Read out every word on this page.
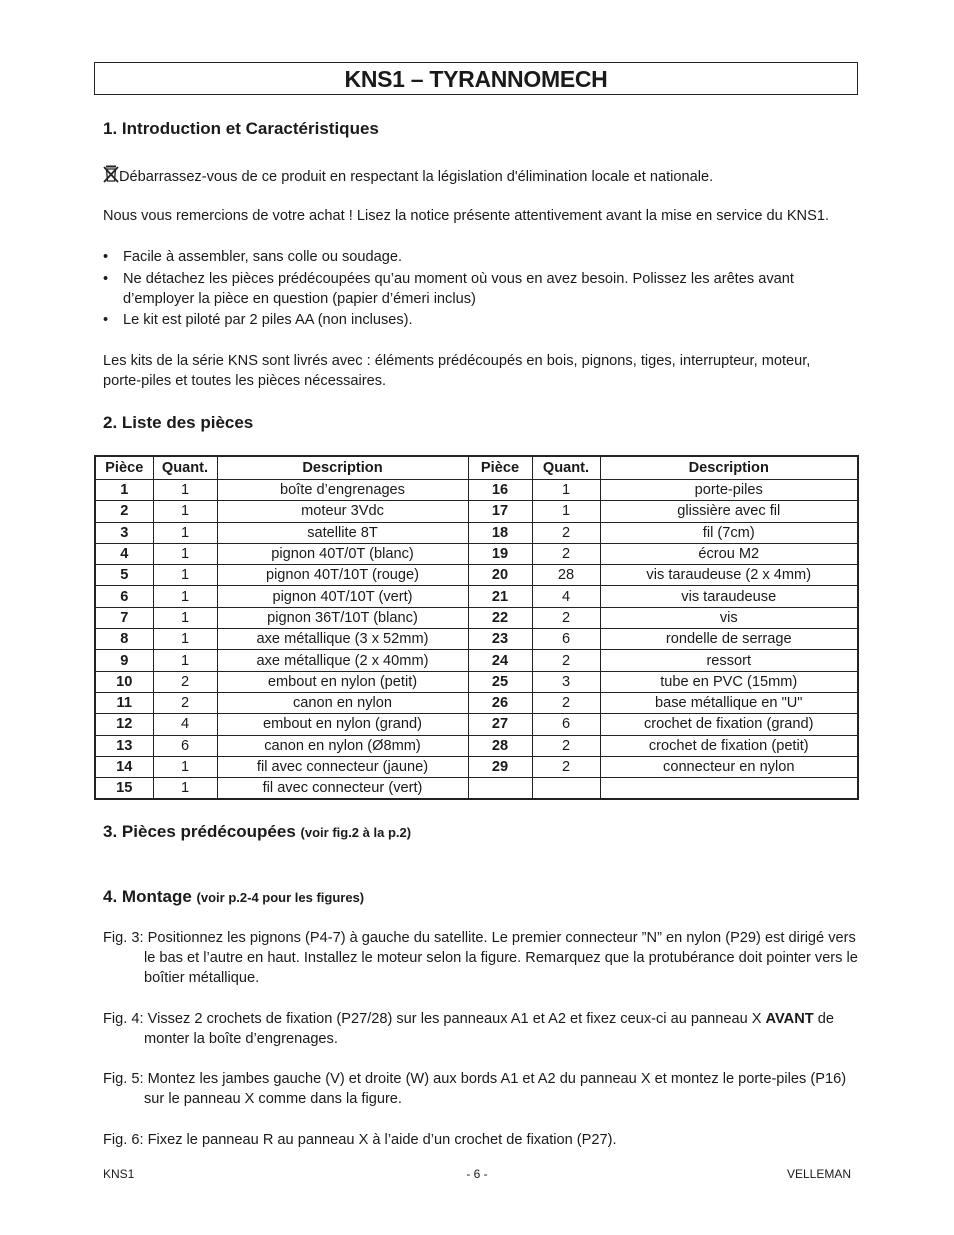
KNS1 – TYRANNOMECH
1. Introduction et Caractéristiques
Débarrassez-vous de ce produit en respectant la législation d'élimination locale et nationale.
Nous vous remercions de votre achat ! Lisez la notice présente attentivement avant la mise en service du KNS1.
• Facile à assembler, sans colle ou soudage.
• Ne détachez les pièces prédécoupées qu’au moment où vous en avez besoin. Polissez les arêtes avant d’employer la pièce en question (papier d’émeri inclus)
• Le kit est piloté par 2 piles AA (non incluses).
Les kits de la série KNS sont livrés avec : éléments prédécoupés en bois, pignons, tiges, interrupteur, moteur, porte-piles et toutes les pièces nécessaires.
2. Liste des pièces
Pièce	Quant.	Description	Pièce	Quant.	Description
1	1	boîte d’engrenages	16	1	porte-piles
2	1	moteur 3Vdc	17	1	glissière avec fil
3	1	satellite 8T	18	2	fil (7cm)
4	1	pignon 40T/0T (blanc)	19	2	écrou M2
5	1	pignon 40T/10T (rouge)	20	28	vis taraudeuse (2 x 4mm)
6	1	pignon 40T/10T (vert)	21	4	vis taraudeuse
7	1	pignon 36T/10T (blanc)	22	2	vis
8	1	axe métallique (3 x 52mm)	23	6	rondelle de serrage
9	1	axe métallique (2 x 40mm)	24	2	ressort
10	2	embout en nylon (petit)	25	3	tube en PVC (15mm)
11	2	canon en nylon	26	2	base métallique en "U"
12	4	embout en nylon (grand)	27	6	crochet de fixation (grand)
13	6	canon en nylon (Ø8mm)	28	2	crochet de fixation (petit)
14	1	fil avec connecteur (jaune)	29	2	connecteur en nylon
15	1	fil avec connecteur (vert)			
3. Pièces prédécoupées (voir fig.2 à la p.2)
4. Montage (voir p.2-4 pour les figures)
Fig. 3: Positionnez les pignons (P4-7) à gauche du satellite. Le premier connecteur ”N” en nylon (P29) est dirigé vers
le bas et l’autre en haut. Installez le moteur selon la figure. Remarquez que la protubérance doit pointer vers le boîtier métallique.
Fig. 4: Vissez 2 crochets de fixation (P27/28) sur les panneaux A1 et A2 et fixez ceux-ci au panneau X AVANT de
monter la boîte d’engrenages.
Fig. 5: Montez les jambes gauche (V) et droite (W) aux bords A1 et A2 du panneau X et montez le porte-piles (P16)
sur le panneau X comme dans la figure.
Fig. 6: Fixez le panneau R au panneau X à l’aide d’un crochet de fixation (P27).
KNS1	- 6 -	VELLEMAN
